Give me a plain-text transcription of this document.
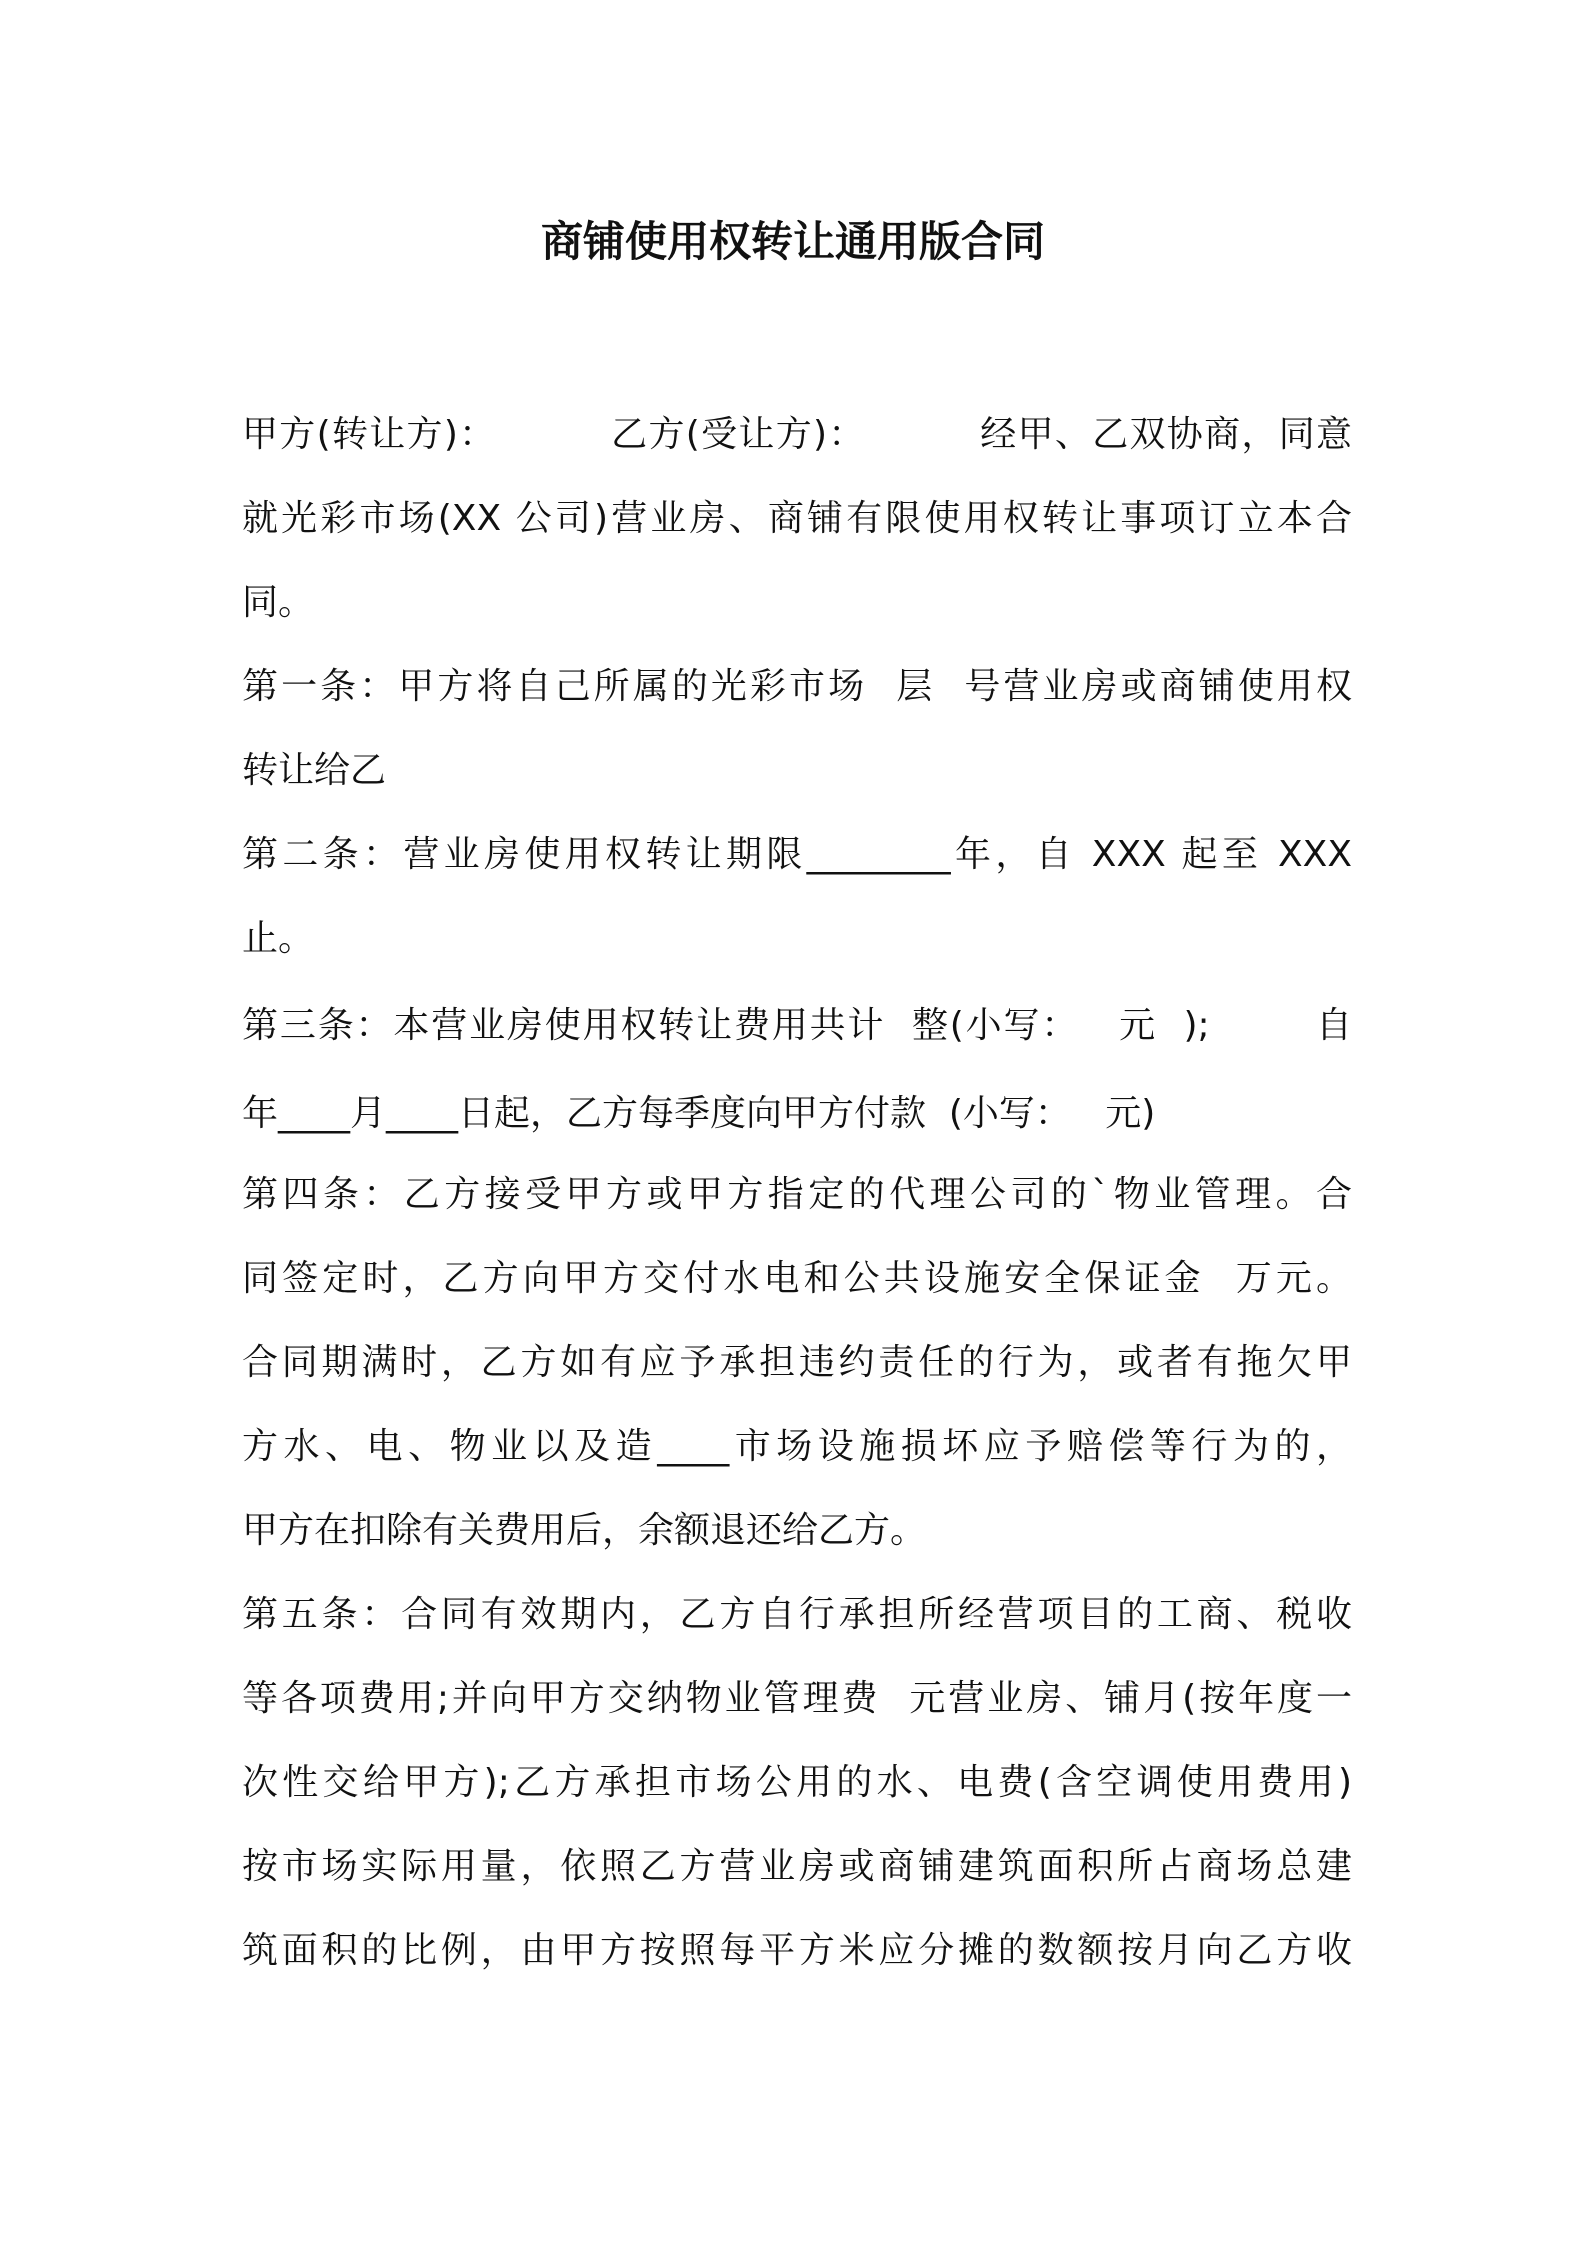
商铺使用权转让通用版合同
甲方(转让方)：         乙方(受让方)：         经甲、乙双协商，同意
就光彩市场(XX 公司)营业房、商铺有限使用权转让事项订立本合
同。
第一条：甲方将自己所属的光彩市场  层  号营业房或商铺使用权
转让给乙
第二条：营业房使用权转让期限________年，自 XXX 起至 XXX
止。
第三条：本营业房使用权转让费用共计  整(小写：   元  );        自
年____月____日起，乙方每季度向甲方付款  (小写：   元)
第四条：乙方接受甲方或甲方指定的代理公司的`物业管理。合
同签定时，乙方向甲方交付水电和公共设施安全保证金  万元。
合同期满时，乙方如有应予承担违约责任的行为，或者有拖欠甲
方水、电、物业以及造____市场设施损坏应予赔偿等行为的，
甲方在扣除有关费用后，余额退还给乙方。
第五条：合同有效期内，乙方自行承担所经营项目的工商、税收
等各项费用;并向甲方交纳物业管理费  元营业房、铺月(按年度一
次性交给甲方);乙方承担市场公用的水、电费(含空调使用费用)
按市场实际用量，依照乙方营业房或商铺建筑面积所占商场总建
筑面积的比例，由甲方按照每平方米应分摊的数额按月向乙方收
